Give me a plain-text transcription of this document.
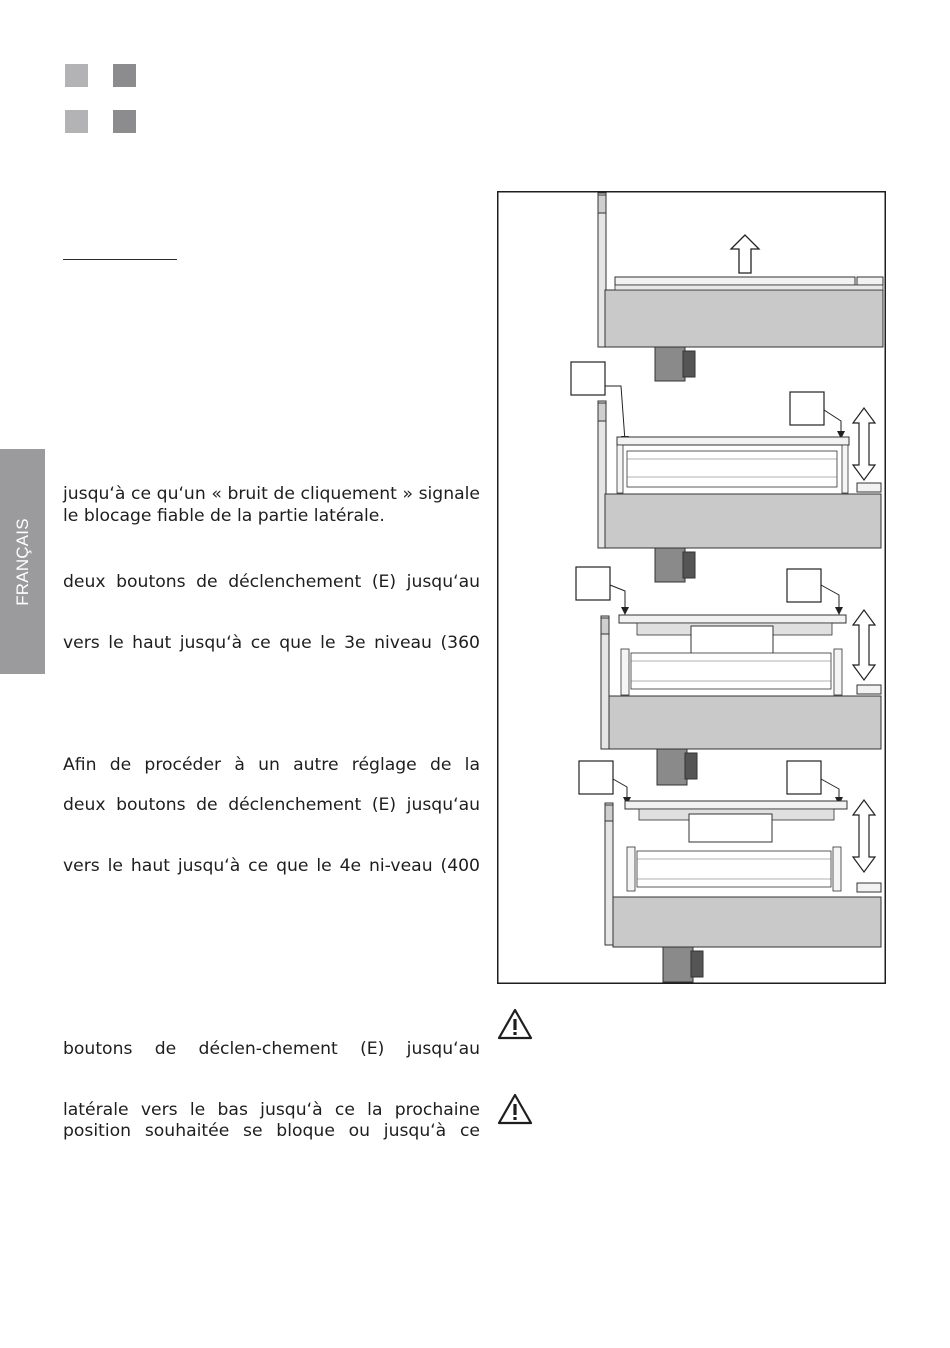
FRANÇAIS
jusqu‘à ce qu‘un « bruit de cliquement » signale
le blocage fiable de la partie latérale.
deux boutons de déclenchement (E) jusqu‘au
vers le haut jusqu‘à ce que le 3e niveau (360
Afin de procéder à un autre réglage de la
deux boutons de déclenchement (E) jusqu‘au
vers le haut jusqu‘à ce que le 4e ni-veau (400
boutons de déclen-chement (E) jusqu‘au
latérale vers le bas jusqu‘à ce la prochaine
position souhaitée se bloque ou jusqu‘à ce
